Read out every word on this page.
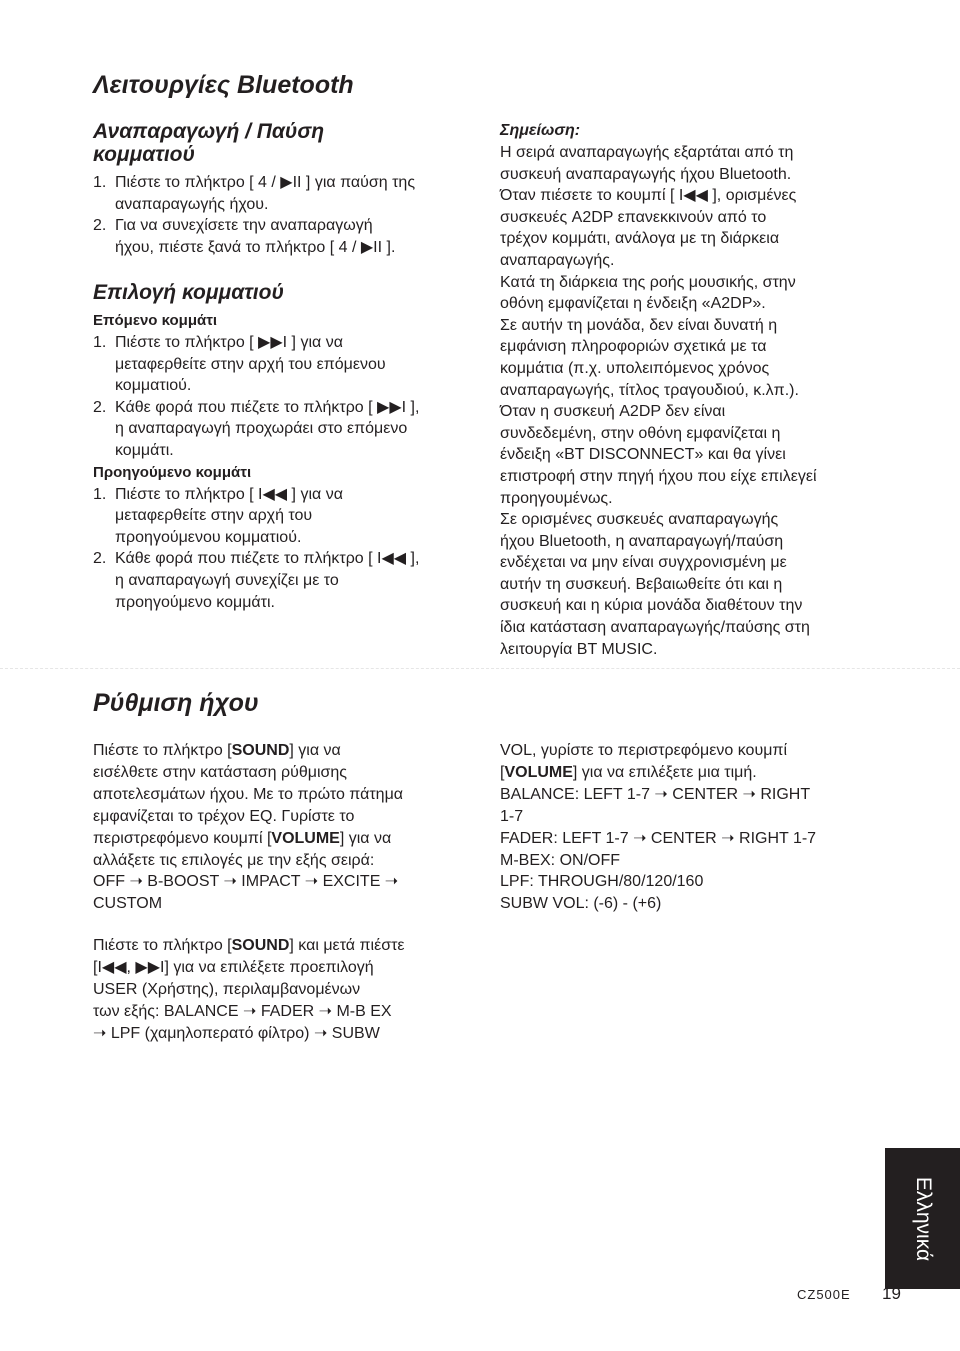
Λειτουργίες Bluetooth
Αναπαραγωγή / Παύση
κομματιού
1. Πιέστε το πλήκτρο [ 4 / ▶II ] για παύση της
αναπαραγωγής ήχου.
2. Για να συνεχίσετε την αναπαραγωγή
ήχου, πιέστε ξανά το πλήκτρο [ 4 / ▶II ].
Επιλογή κομματιού
Επόμενο κομμάτι
1. Πιέστε το πλήκτρο [ ▶▶I ] για να
μεταφερθείτε στην αρχή του επόμενου
κομματιού.
2. Κάθε φορά που πιέζετε το πλήκτρο [ ▶▶I ],
η αναπαραγωγή προχωράει στο επόμενο
κομμάτι.
Προηγούμενο κομμάτι
1. Πιέστε το πλήκτρο [ I◀◀ ] για να
μεταφερθείτε στην αρχή του
προηγούμενου κομματιού.
2. Κάθε φορά που πιέζετε το πλήκτρο [ I◀◀ ],
η αναπαραγωγή συνεχίζει με το
προηγούμενο κομμάτι.
Σημείωση:
Η σειρά αναπαραγωγής εξαρτάται από τη
συσκευή αναπαραγωγής ήχου Bluetooth.
Όταν πιέσετε το κουμπί [ I◀◀ ], ορισμένες
συσκευές A2DP επανεκκινούν από το
τρέχον κομμάτι, ανάλογα με τη διάρκεια
αναπαραγωγής.
Κατά τη διάρκεια της ροής μουσικής, στην
οθόνη εμφανίζεται η ένδειξη «A2DP».
Σε αυτήν τη μονάδα, δεν είναι δυνατή η
εμφάνιση πληροφοριών σχετικά με τα
κομμάτια (π.χ. υπολειπόμενος χρόνος
αναπαραγωγής, τίτλος τραγουδιού, κ.λπ.).
Όταν η συσκευή A2DP δεν είναι
συνδεδεμένη, στην οθόνη εμφανίζεται η
ένδειξη «BT DISCONNECT» και θα γίνει
επιστροφή στην πηγή ήχου που είχε επιλεγεί
προηγουμένως.
Σε ορισμένες συσκευές αναπαραγωγής
ήχου Bluetooth, η αναπαραγωγή/παύση
ενδέχεται να μην είναι συγχρονισμένη με
αυτήν τη συσκευή. Βεβαιωθείτε ότι και η
συσκευή και η κύρια μονάδα διαθέτουν την
ίδια κατάσταση αναπαραγωγής/παύσης στη
λειτουργία BT MUSIC.
Ρύθμιση ήχου
Πιέστε το πλήκτρο [SOUND] για να
εισέλθετε στην κατάσταση ρύθμισης
αποτελεσμάτων ήχου. Με το πρώτο πάτημα
εμφανίζεται το τρέχον EQ. Γυρίστε το
περιστρεφόμενο κουμπί [VOLUME] για να
αλλάξετε τις επιλογές με την εξής σειρά:
OFF ➝ B-BOOST ➝ IMPACT ➝ EXCITE ➝
CUSTOM
Πιέστε το πλήκτρο [SOUND] και μετά πιέστε
[I◀◀, ▶▶I] για να επιλέξετε προεπιλογή
USER (Χρήστης), περιλαμβανομένων
των εξής: BALANCE ➝ FADER ➝ M-B EX
➝ LPF (χαμηλοπερατό φίλτρο) ➝ SUBW
VOL, γυρίστε το περιστρεφόμενο κουμπί
[VOLUME] για να επιλέξετε μια τιμή.
BALANCE: LEFT 1-7 ➝ CENTER ➝ RIGHT
1-7
FADER: LEFT 1-7 ➝ CENTER ➝ RIGHT 1-7
M-BEX: ON/OFF
LPF: THROUGH/80/120/160
SUBW VOL: (-6) - (+6)
Ελληνικά
CZ500E 19
